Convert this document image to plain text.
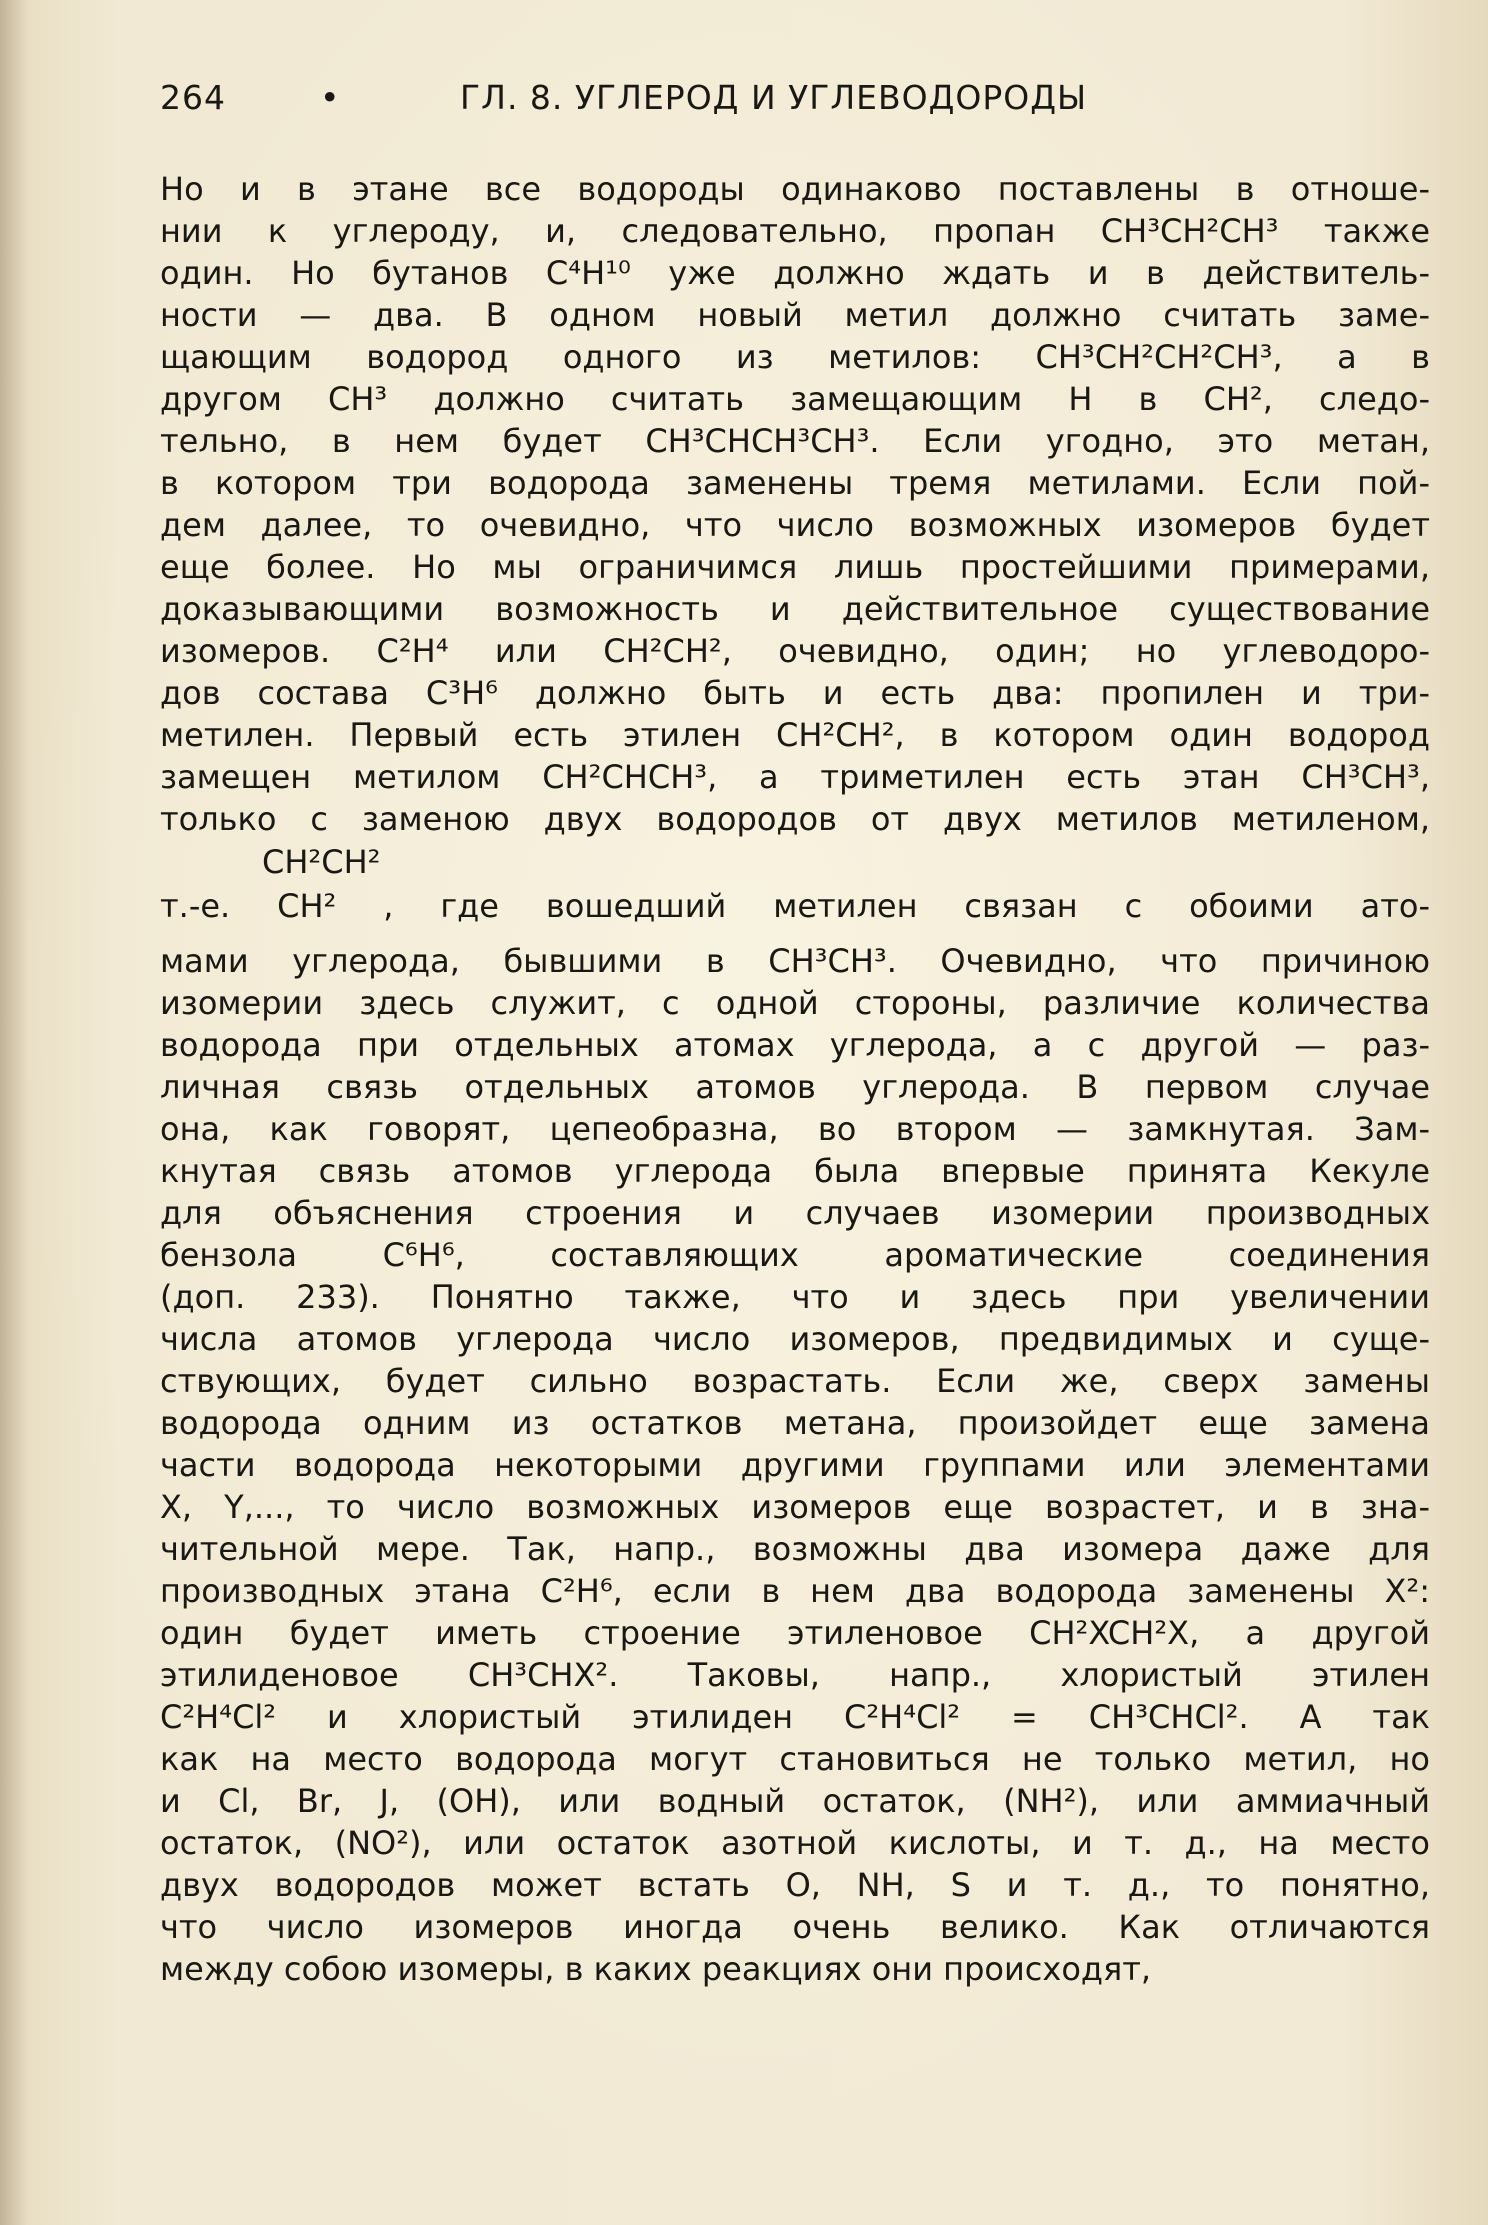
264	•	ГЛ. 8. УГЛЕРОД И УГЛЕВОДОРОДЫ
Но и в этане все водороды одинаково поставлены в отноше-
нии к углероду, и, следовательно, пропан CH³CH²CH³ также
один. Но бутанов C⁴H¹⁰ уже должно ждать и в действитель-
ности — два. В одном новый метил должно считать заме-
щающим водород одного из метилов: CH³CH²CH²CH³, а в
другом CH³ должно считать замещающим H в CH², следо-
тельно, в нем будет CH³CHCH³CH³. Если угодно, это метан,
в котором три водорода заменены тремя метилами. Если пой-
дем далее, то очевидно, что число возможных изомеров будет
еще более. Но мы ограничимся лишь простейшими примерами,
доказывающими возможность и действительное существование
изомеров. C²H⁴ или CH²CH², очевидно, один; но углеводоро-
дов состава C³H⁶ должно быть и есть два: пропилен и три-
метилен. Первый есть этилен CH²CH², в котором один водород
замещен метилом CH²CHCH³, а триметилен есть этан CH³CH³,
только с заменою двух водородов от двух метилов метиленом,
CH²CH²
т.-е. CH² , где вошедший метилен связан с обоими ато-
мами углерода, бывшими в CH³CH³. Очевидно, что причиною
изомерии здесь служит, с одной стороны, различие количества
водорода при отдельных атомах углерода, а с другой — раз-
личная связь отдельных атомов углерода. В первом случае
она, как говорят, цепеобразна, во втором — замкнутая. Зам-
кнутая связь атомов углерода была впервые принята Кекуле
для объяснения строения и случаев изомерии производных
бензола C⁶H⁶, составляющих ароматические соединения
(доп. 233). Понятно также, что и здесь при увеличении
числа атомов углерода число изомеров, предвидимых и суще-
ствующих, будет сильно возрастать. Если же, сверх замены
водорода одним из остатков метана, произойдет еще замена
части водорода некоторыми другими группами или элементами
X, Y,..., то число возможных изомеров еще возрастет, и в зна-
чительной мере. Так, напр., возможны два изомера даже для
производных этана C²H⁶, если в нем два водорода заменены X²:
один будет иметь строение этиленовое CH²XCH²X, а другой
этилиденовое CH³CHX². Таковы, напр., хлористый этилен
C²H⁴Cl² и хлористый этилиден C²H⁴Cl² = CH³CHCl². А так
как на место водорода могут становиться не только метил, но
и Cl, Br, J, (OH), или водный остаток, (NH²), или аммиачный
остаток, (NO²), или остаток азотной кислоты, и т. д., на место
двух водородов может встать O, NH, S и т. д., то понятно,
что число изомеров иногда очень велико. Как отличаются
между собою изомеры, в каких реакциях они происходят,
